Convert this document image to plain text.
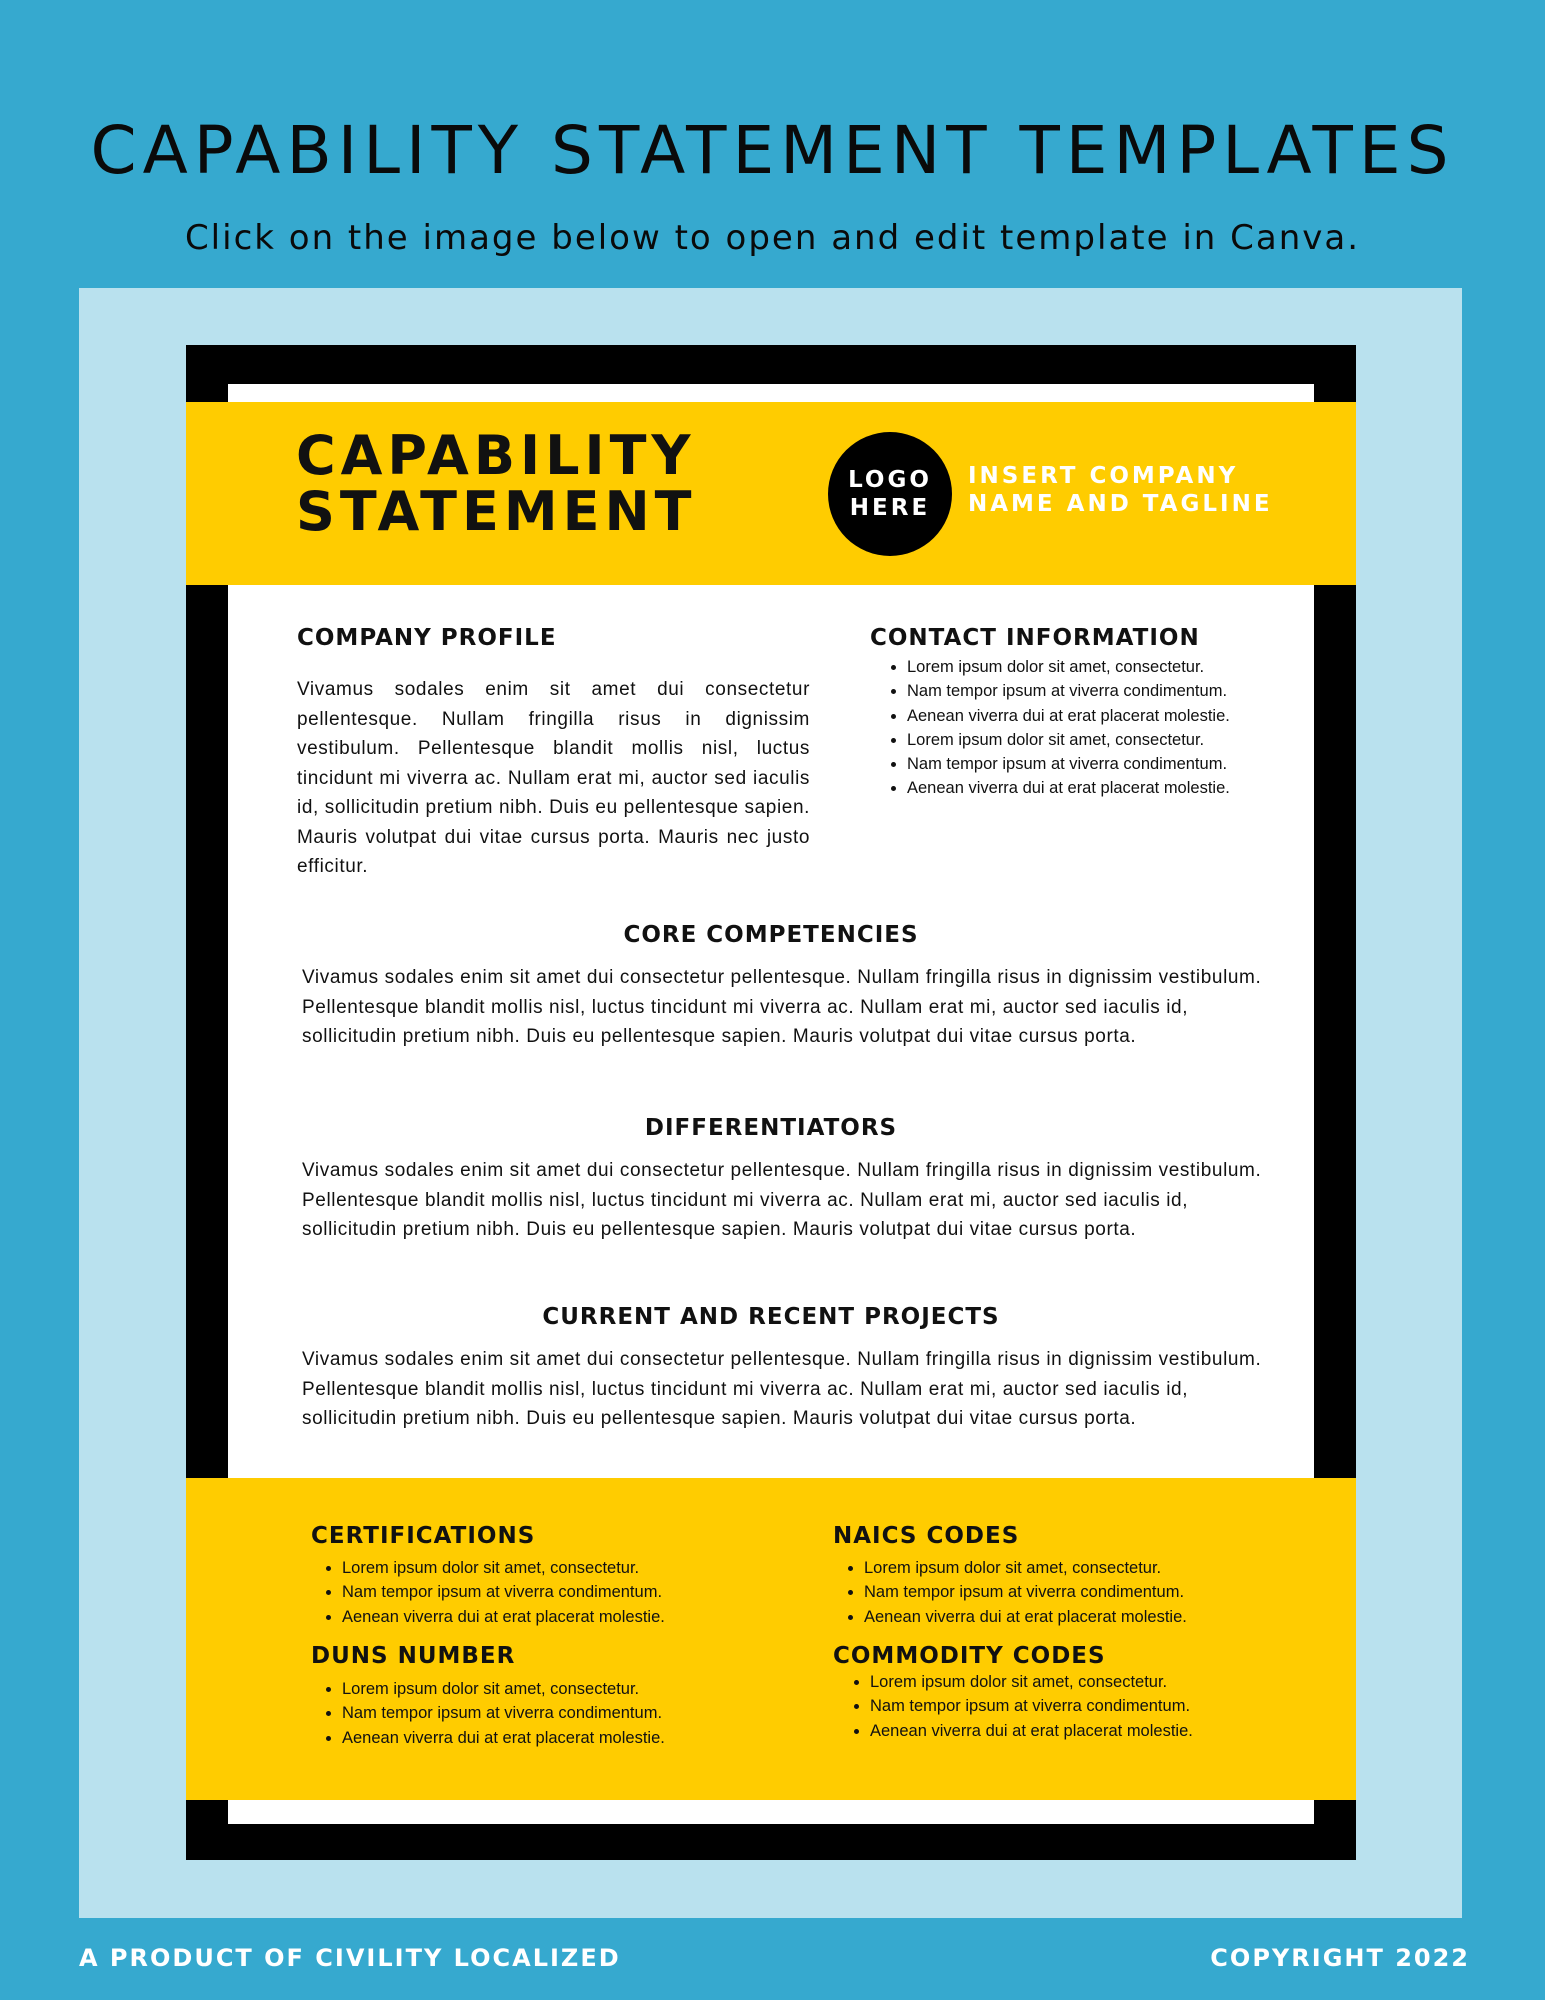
CAPABILITY STATEMENT TEMPLATES
Click on the image below to open and edit template in Canva.
CAPABILITY
STATEMENT	LOGO
HERE
INSERT COMPANY
NAME AND TAGLINE
COMPANY PROFILE
Vivamus sodales enim sit amet dui consectetur pellentesque. Nullam fringilla risus in dignissim vestibulum. Pellentesque blandit mollis nisl, luctus tincidunt mi viverra ac. Nullam erat mi, auctor sed iaculis id, sollicitudin pretium nibh. Duis eu pellentesque sapien. Mauris volutpat dui vitae cursus porta. Mauris nec justo efficitur.
CONTACT INFORMATION
• Lorem ipsum dolor sit amet, consectetur.
• Nam tempor ipsum at viverra condimentum.
• Aenean viverra dui at erat placerat molestie.
• Lorem ipsum dolor sit amet, consectetur.
• Nam tempor ipsum at viverra condimentum.
• Aenean viverra dui at erat placerat molestie.
CORE COMPETENCIES
Vivamus sodales enim sit amet dui consectetur pellentesque. Nullam fringilla risus in dignissim vestibulum. Pellentesque blandit mollis nisl, luctus tincidunt mi viverra ac. Nullam erat mi, auctor sed iaculis id, sollicitudin pretium nibh. Duis eu pellentesque sapien. Mauris volutpat dui vitae cursus porta.
DIFFERENTIATORS
Vivamus sodales enim sit amet dui consectetur pellentesque. Nullam fringilla risus in dignissim vestibulum. Pellentesque blandit mollis nisl, luctus tincidunt mi viverra ac. Nullam erat mi, auctor sed iaculis id, sollicitudin pretium nibh. Duis eu pellentesque sapien. Mauris volutpat dui vitae cursus porta.
CURRENT AND RECENT PROJECTS
Vivamus sodales enim sit amet dui consectetur pellentesque. Nullam fringilla risus in dignissim vestibulum. Pellentesque blandit mollis nisl, luctus tincidunt mi viverra ac. Nullam erat mi, auctor sed iaculis id, sollicitudin pretium nibh. Duis eu pellentesque sapien. Mauris volutpat dui vitae cursus porta.
CERTIFICATIONS
• Lorem ipsum dolor sit amet, consectetur.
• Nam tempor ipsum at viverra condimentum.
• Aenean viverra dui at erat placerat molestie.
NAICS CODES
• Lorem ipsum dolor sit amet, consectetur.
• Nam tempor ipsum at viverra condimentum.
• Aenean viverra dui at erat placerat molestie.
DUNS NUMBER
• Lorem ipsum dolor sit amet, consectetur.
• Nam tempor ipsum at viverra condimentum.
• Aenean viverra dui at erat placerat molestie.
COMMODITY CODES
• Lorem ipsum dolor sit amet, consectetur.
• Nam tempor ipsum at viverra condimentum.
• Aenean viverra dui at erat placerat molestie.
A PRODUCT OF CIVILITY LOCALIZED	COPYRIGHT 2022
